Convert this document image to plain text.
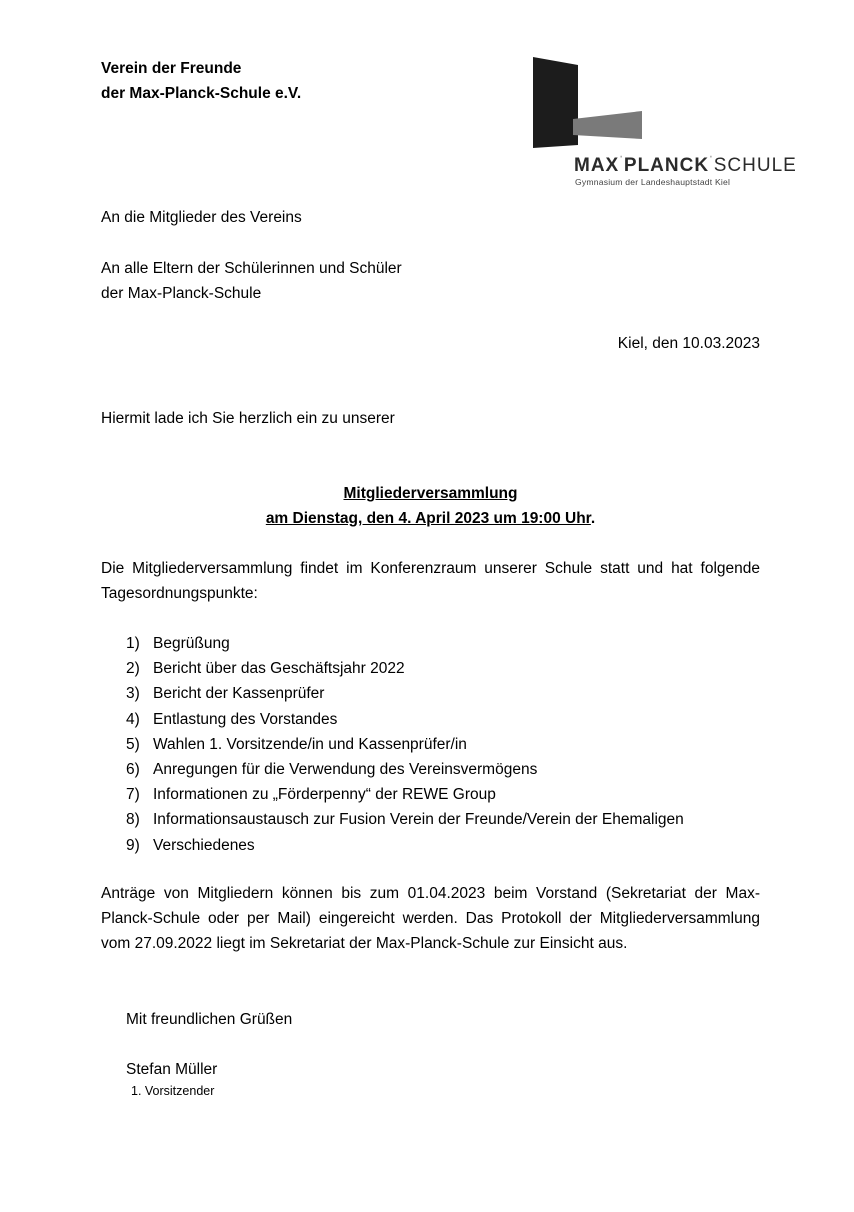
Verein der Freunde
der Max-Planck-Schule e.V.
$MAX^ˈPLANCK^ˈSCHULE$
Gymnasium der Landeshauptstadt Kiel
An die Mitglieder des Vereins
An alle Eltern der Schülerinnen und Schüler
der Max-Planck-Schule
Kiel, den 10.03.2023
Hiermit lade ich Sie herzlich ein zu unserer
Mitgliederversammlung
am Dienstag, den 4. April 2023 um 19:00 Uhr.
Die Mitgliederversammlung findet im Konferenzraum unserer Schule statt und hat folgende Tagesordnungspunkte:
1) Begrüßung
2) Bericht über das Geschäftsjahr 2022
3) Bericht der Kassenprüfer
4) Entlastung des Vorstandes
5) Wahlen 1. Vorsitzende/in und Kassenprüfer/in
6) Anregungen für die Verwendung des Vereinsvermögens
7) Informationen zu „Förderpenny“ der REWE Group
8) Informationsaustausch zur Fusion Verein der Freunde/Verein der Ehemaligen
9) Verschiedenes
Anträge von Mitgliedern können bis zum 01.04.2023 beim Vorstand (Sekretariat der Max-Planck-Schule oder per Mail) eingereicht werden. Das Protokoll der Mitgliederversammlung vom 27.09.2022 liegt im Sekretariat der Max-Planck-Schule zur Einsicht aus.
Mit freundlichen Grüßen
Stefan Müller
1. Vorsitzender
